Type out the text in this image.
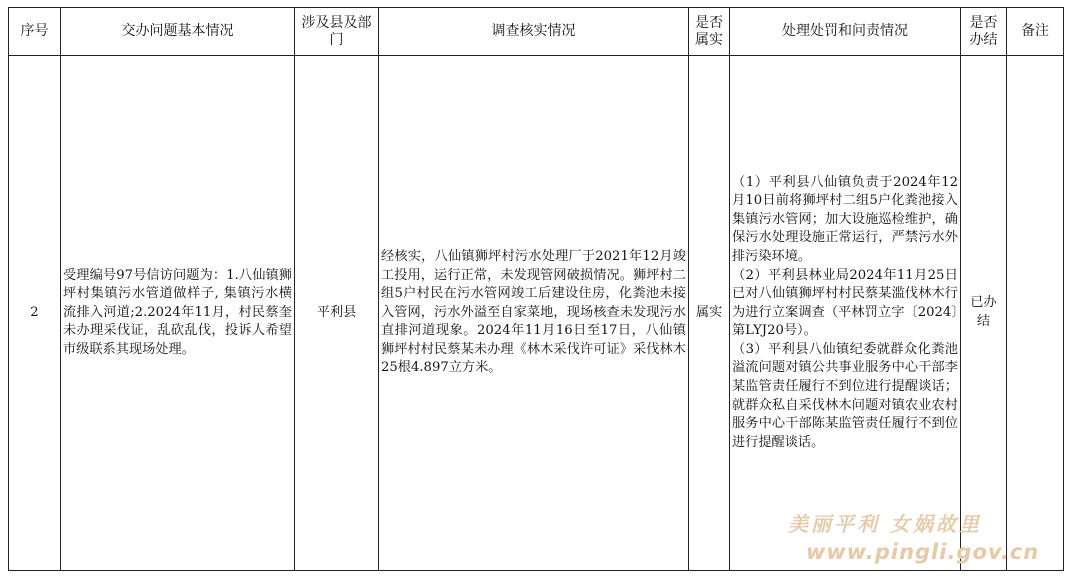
序号	交办问题基本情况	涉及县及部门	调查核实情况	是否属实	处理处罚和问责情况	是否办结	备注
2	受理编号97号信访问题为：1.八仙镇狮坪村集镇污水管道做样子, 集镇污水横流排入河道;2.2024年11月，村民蔡奎未办理采伐证，乱砍乱伐，投诉人希望市级联系其现场处理。	平利县	经核实，八仙镇狮坪村污水处理厂于2021年12月竣工投用，运行正常，未发现管网破损情况。狮坪村二组5户村民在污水管网竣工后建设住房，化粪池未接入管网，污水外溢至自家菜地，现场核查未发现污水直排河道现象。2024年11月16日至17日，八仙镇狮坪村村民蔡某未办理《林木采伐许可证》采伐林木25根4.897立方米。	属实	（1）平利县八仙镇负责于2024年12月10日前将狮坪村二组5户化粪池接入集镇污水管网；加大设施巡检维护，确保污水处理设施正常运行，严禁污水外排污染环境。
（2）平利县林业局2024年11月25日已对八仙镇狮坪村村民蔡某滥伐林木行为进行立案调查（平林罚立字〔2024〕第LYJ20号）。
（3）平利县八仙镇纪委就群众化粪池溢流问题对镇公共事业服务中心干部李某监管责任履行不到位进行提醒谈话；就群众私自采伐林木问题对镇农业农村服务中心干部陈某监管责任履行不到位进行提醒谈话。	已办结	
美丽平利 女娲故里
www.pingli.gov.cn
